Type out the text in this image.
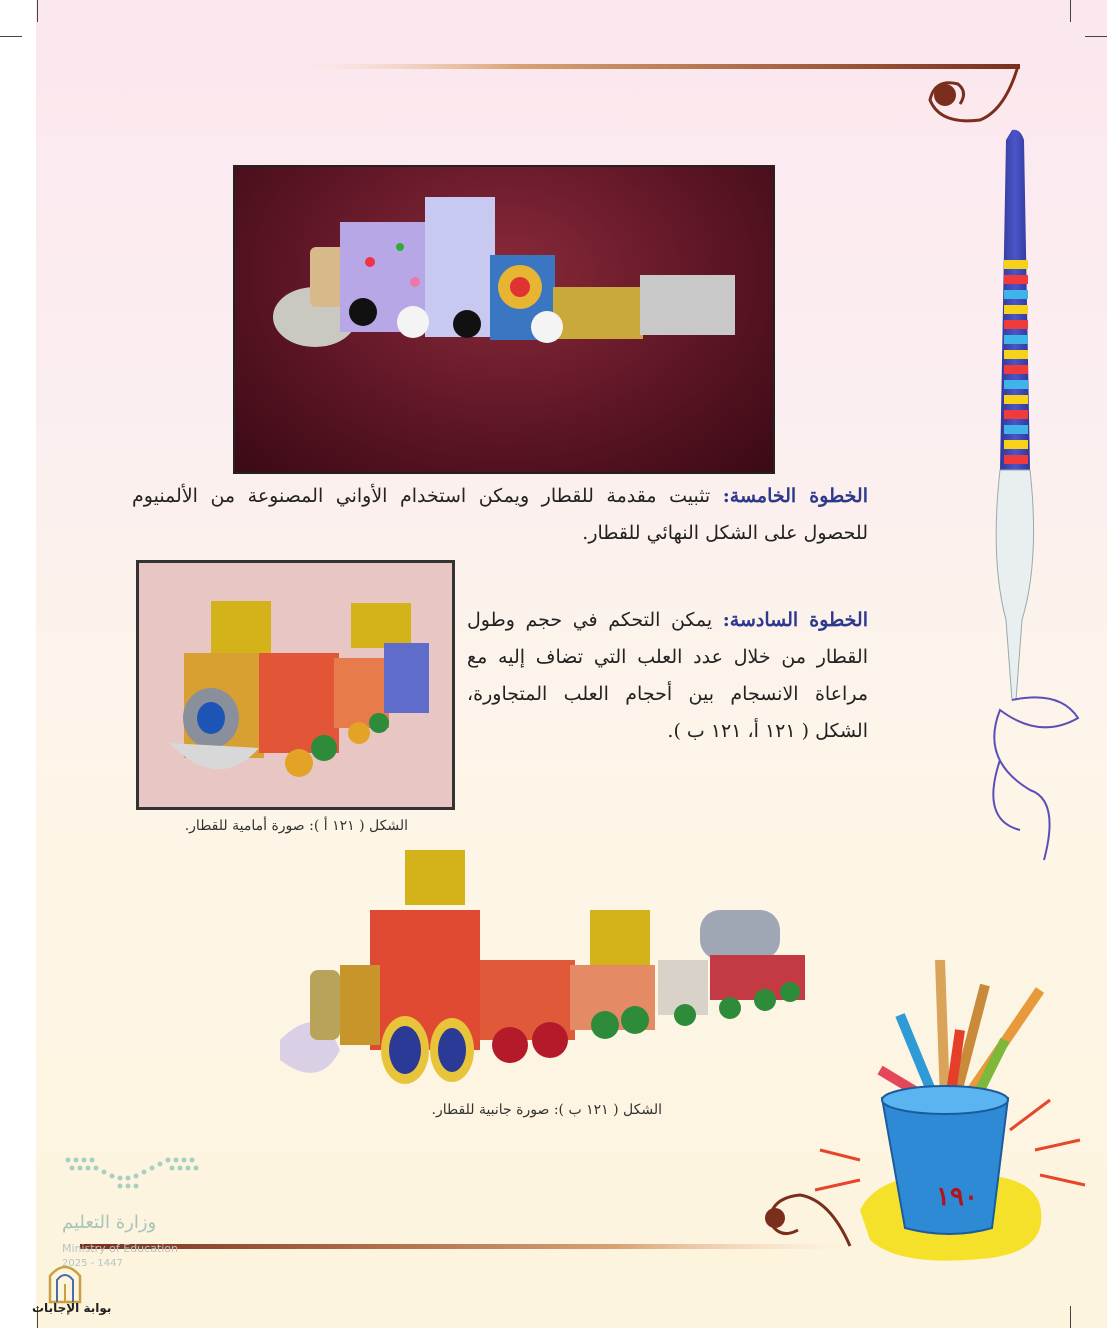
الخطوة الخامسة: تثبيت مقدمة للقطار ويمكن استخدام الأواني المصنوعة من الألمنيوم للحصول على الشكل النهائي للقطار.
الخطوة السادسة: يمكن التحكم في حجم وطول القطار من خلال عدد العلب التي تضاف إليه مع مراعاة الانسجام بين أحجام العلب المتجاورة، الشكل ( ١٢١ أ، ١٢١ ب ).
الشكل ( ١٢١ أ ): صورة أمامية للقطار.
الشكل ( ١٢١ ب ): صورة جانبية للقطار.
١٩٠
وزارة التعليم
Ministry of Education
2025 - 1447
بوابة الإجابات
